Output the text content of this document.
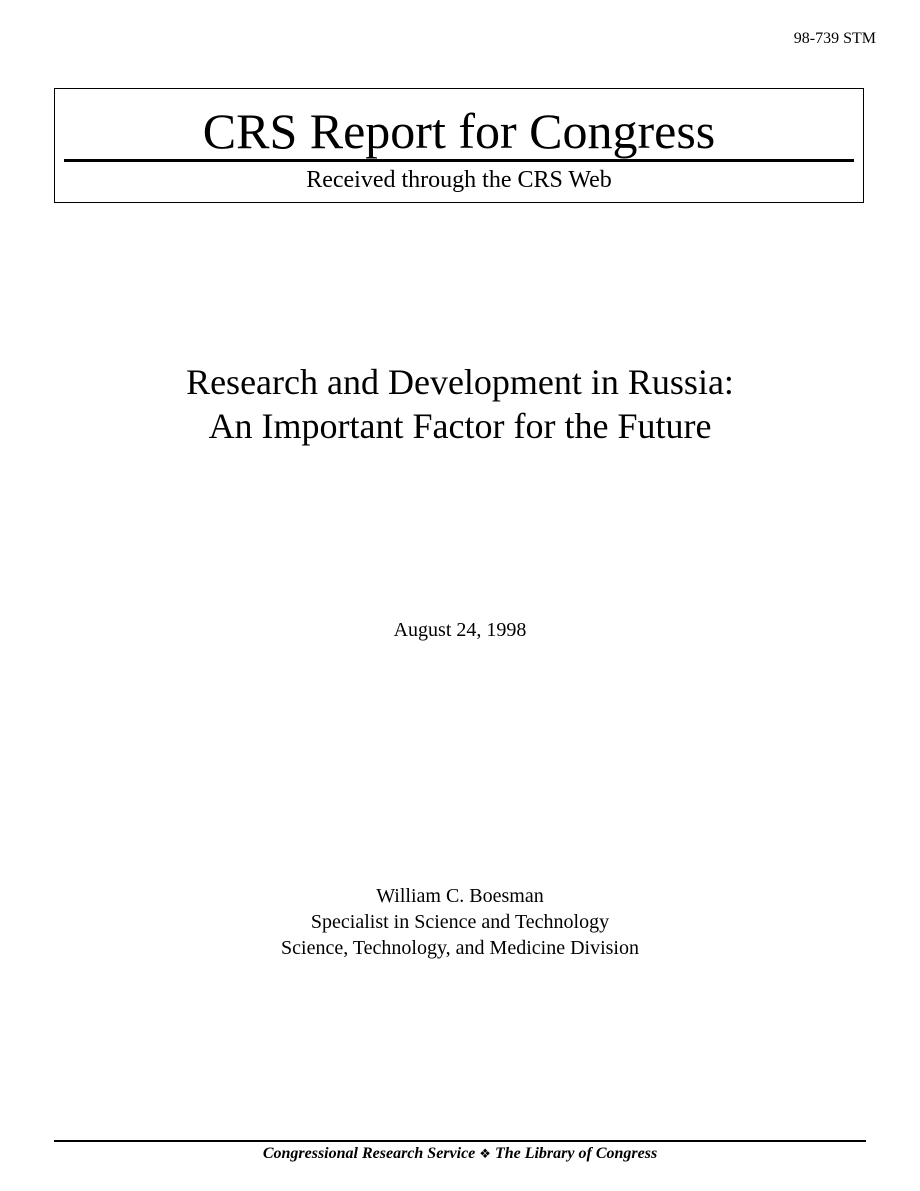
98-739 STM
CRS Report for Congress
Received through the CRS Web
Research and Development in Russia:
An Important Factor for the Future
August 24, 1998
William C. Boesman
Specialist in Science and Technology
Science, Technology, and Medicine Division
Congressional Research Service ❖ The Library of Congress
